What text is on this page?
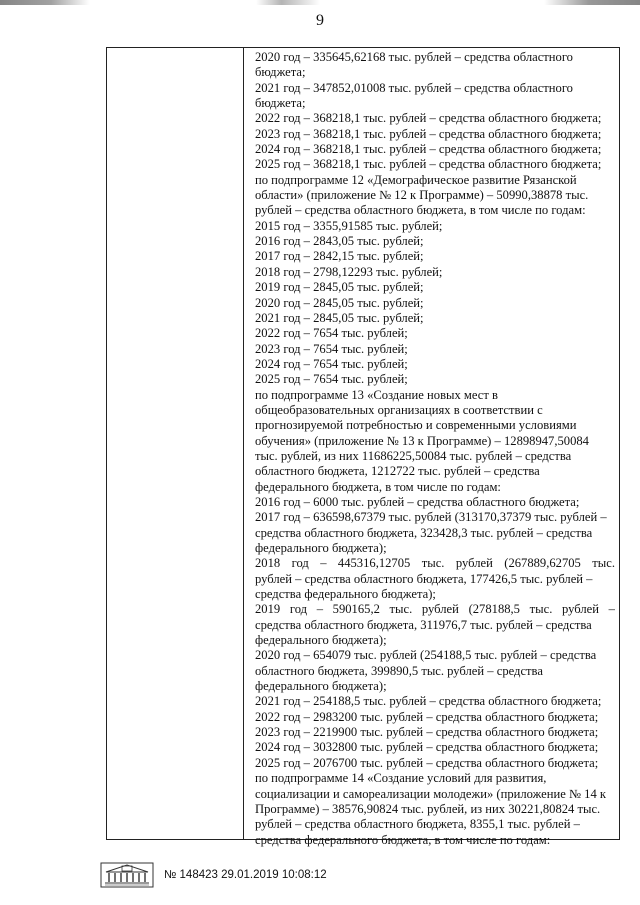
9
2020 год – 335645,62168 тыс. рублей – средства областного
бюджета;
2021 год – 347852,01008 тыс. рублей – средства областного
бюджета;
2022 год – 368218,1 тыс. рублей – средства областного бюджета;
2023 год – 368218,1 тыс. рублей – средства областного бюджета;
2024 год – 368218,1 тыс. рублей – средства областного бюджета;
2025 год – 368218,1 тыс. рублей – средства областного бюджета;
по подпрограмме 12 «Демографическое развитие Рязанской
области» (приложение № 12 к Программе) – 50990,38878 тыс.
рублей – средства областного бюджета, в том числе по годам:
2015 год – 3355,91585 тыс. рублей;
2016 год – 2843,05 тыс. рублей;
2017 год – 2842,15 тыс. рублей;
2018 год – 2798,12293 тыс. рублей;
2019 год – 2845,05 тыс. рублей;
2020 год – 2845,05 тыс. рублей;
2021 год – 2845,05 тыс. рублей;
2022 год – 7654 тыс. рублей;
2023 год – 7654 тыс. рублей;
2024 год – 7654 тыс. рублей;
2025 год – 7654 тыс. рублей;
по подпрограмме 13 «Создание новых мест в
общеобразовательных организациях в соответствии с
прогнозируемой потребностью и современными условиями
обучения» (приложение № 13 к Программе) – 12898947,50084
тыс. рублей, из них 11686225,50084 тыс. рублей – средства
областного бюджета, 1212722 тыс. рублей – средства
федерального бюджета, в том числе по годам:
2016 год – 6000 тыс. рублей – средства областного бюджета;
2017 год – 636598,67379 тыс. рублей (313170,37379 тыс. рублей –
средства областного бюджета, 323428,3 тыс. рублей – средства
федерального бюджета);
2018 год – 445316,12705 тыс. рублей (267889,62705 тыс.
рублей – средства областного бюджета, 177426,5 тыс. рублей –
средства федерального бюджета);
2019 год – 590165,2 тыс. рублей (278188,5 тыс. рублей –
средства областного бюджета, 311976,7 тыс. рублей – средства
федерального бюджета);
2020 год – 654079 тыс. рублей (254188,5 тыс. рублей – средства
областного бюджета, 399890,5 тыс. рублей – средства
федерального бюджета);
2021 год – 254188,5 тыс. рублей – средства областного бюджета;
2022 год – 2983200 тыс. рублей – средства областного бюджета;
2023 год – 2219900 тыс. рублей – средства областного бюджета;
2024 год – 3032800 тыс. рублей – средства областного бюджета;
2025 год – 2076700 тыс. рублей – средства областного бюджета;
по подпрограмме 14 «Создание условий для развития,
социализации и самореализации молодежи» (приложение № 14 к
Программе) – 38576,90824 тыс. рублей, из них 30221,80824 тыс.
рублей – средства областного бюджета, 8355,1 тыс. рублей –
средства федерального бюджета, в том числе по годам:
№ 148423 29.01.2019 10:08:12
